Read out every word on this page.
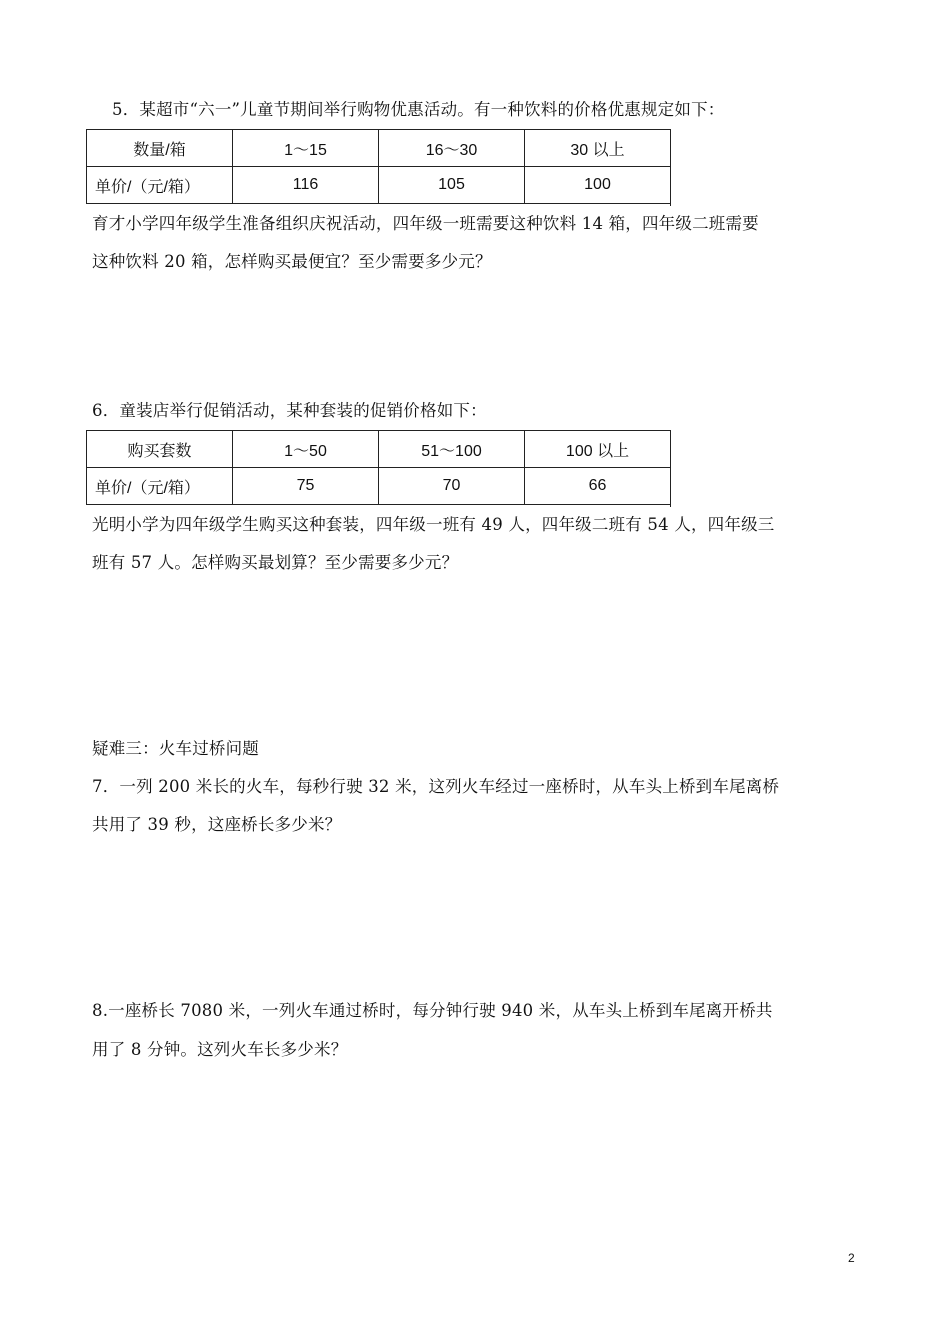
5．某超市“六一”儿童节期间举行购物优惠活动。有一种饮料的价格优惠规定如下：
数量/箱	1～15	16～30	30 以上
单价/（元/箱）	116	105	100
育才小学四年级学生准备组织庆祝活动，四年级一班需要这种饮料 14 箱，四年级二班需要
这种饮料 20 箱，怎样购买最便宜？至少需要多少元？
6．童装店举行促销活动，某种套装的促销价格如下：
购买套数	1～50	51～100	100 以上
单价/（元/箱）	75	70	66
光明小学为四年级学生购买这种套装，四年级一班有 49 人，四年级二班有 54 人，四年级三
班有 57 人。怎样购买最划算？至少需要多少元？
疑难三：火车过桥问题
7．一列 200 米长的火车，每秒行驶 32 米，这列火车经过一座桥时，从车头上桥到车尾离桥
共用了 39 秒，这座桥长多少米？
8.一座桥长 7080 米，一列火车通过桥时，每分钟行驶 940 米，从车头上桥到车尾离开桥共
用了 8 分钟。这列火车长多少米？
2
